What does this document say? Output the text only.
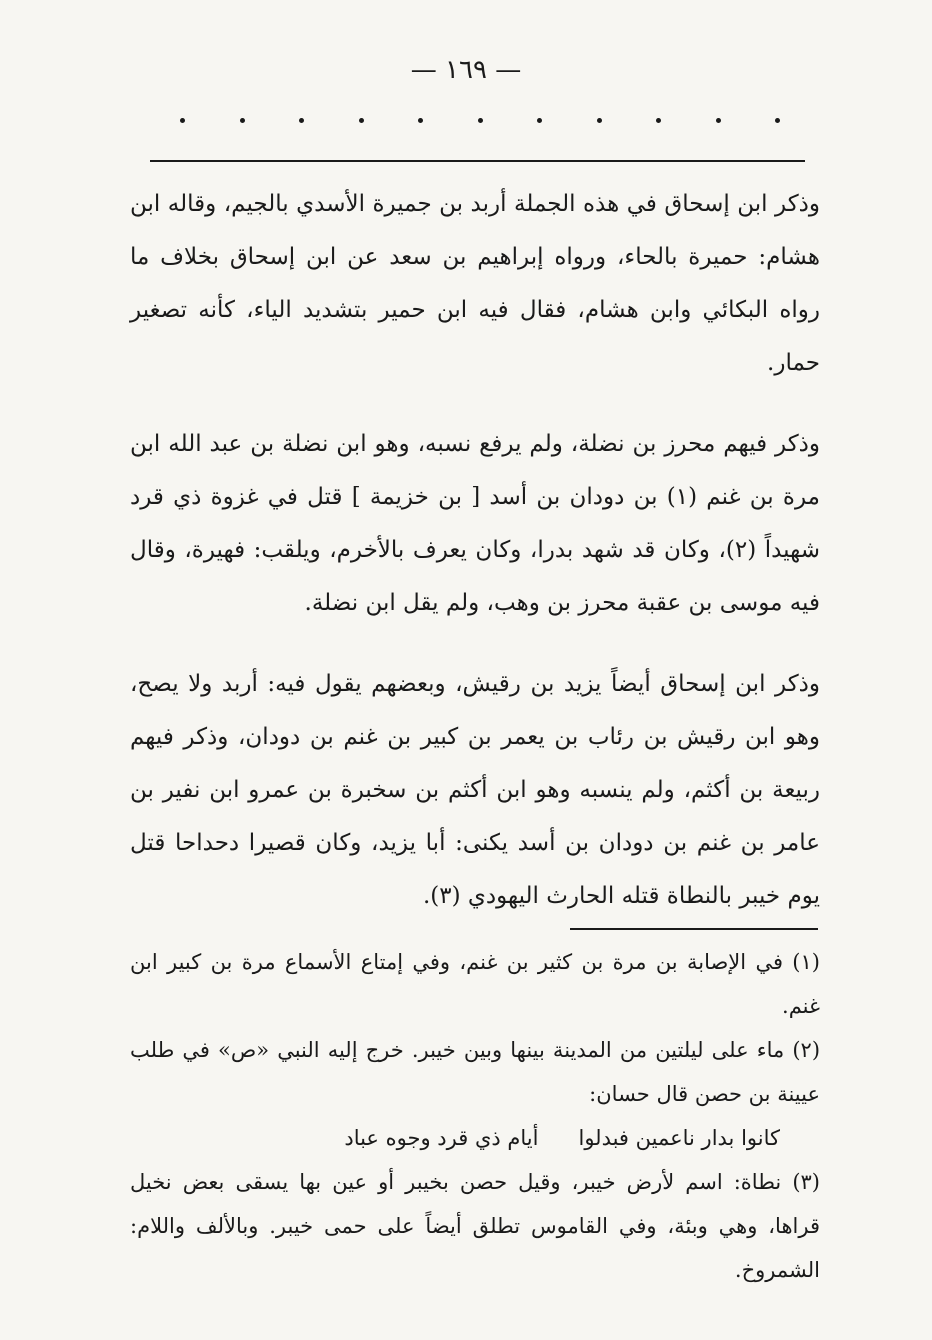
— ١٦٩ —

وذكر ابن إسحاق في هذه الجملة أربد بن جميرة الأسدي بالجيم، وقاله ابن هشام: حميرة بالحاء، ورواه إبراهيم بن سعد عن ابن إسحاق بخلاف ما رواه البكائي وابن هشام، فقال فيه ابن حمير بتشديد الياء، كأنه تصغير حمار.

وذكر فيهم محرز بن نضلة، ولم يرفع نسبه، وهو ابن نضلة بن عبد الله ابن مرة بن غنم (١) بن دودان بن أسد [ بن خزيمة ] قتل في غزوة ذي قرد شهيداً (٢)، وكان قد شهد بدرا، وكان يعرف بالأخرم، ويلقب: فهيرة، وقال فيه موسى بن عقبة محرز بن وهب، ولم يقل ابن نضلة.

وذكر ابن إسحاق أيضاً يزيد بن رقيش، وبعضهم يقول فيه: أربد ولا يصح، وهو ابن رقيش بن رئاب بن يعمر بن كبير بن غنم بن دودان، وذكر فيهم ربيعة بن أكثم، ولم ينسبه وهو ابن أكثم بن سخبرة بن عمرو ابن نفير بن عامر بن غنم بن دودان بن أسد يكنى: أبا يزيد، وكان قصيرا دحداحا قتل يوم خيبر بالنطاة قتله الحارث اليهودي (٣).

(١) في الإصابة بن مرة بن كثير بن غنم، وفي إمتاع الأسماع مرة بن كبير ابن غنم.

(٢) ماء على ليلتين من المدينة بينها وبين خيبر. خرج إليه النبي «ص» في طلب عيينة بن حصن قال حسان:

كانوا بدار ناعمين فبدلوا
أيام ذي قرد وجوه عباد

(٣) نطاة: اسم لأرض خيبر، وقيل حصن بخيبر أو عين بها يسقى بعض نخيل قراها، وهي وبئة، وفي القاموس تطلق أيضاً على حمى خيبر. وبالألف واللام: الشمروخ.
